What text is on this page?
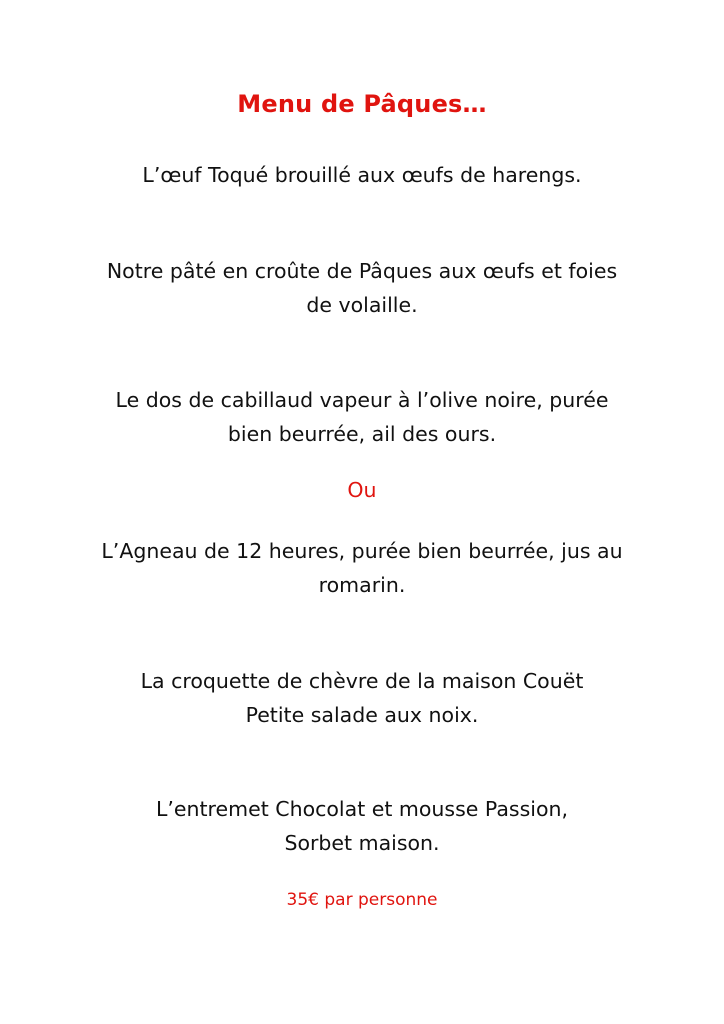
Menu de Pâques…
L’œuf Toqué brouillé aux œufs de harengs.
Notre pâté en croûte de Pâques aux œufs et foies
de volaille.
Le dos de cabillaud vapeur à l’olive noire, purée
bien beurrée, ail des ours.
Ou
L’Agneau de 12 heures, purée bien beurrée, jus au
romarin.
La croquette de chèvre de la maison Couët
Petite salade aux noix.
L’entremet Chocolat et mousse Passion,
Sorbet maison.
35€ par personne
